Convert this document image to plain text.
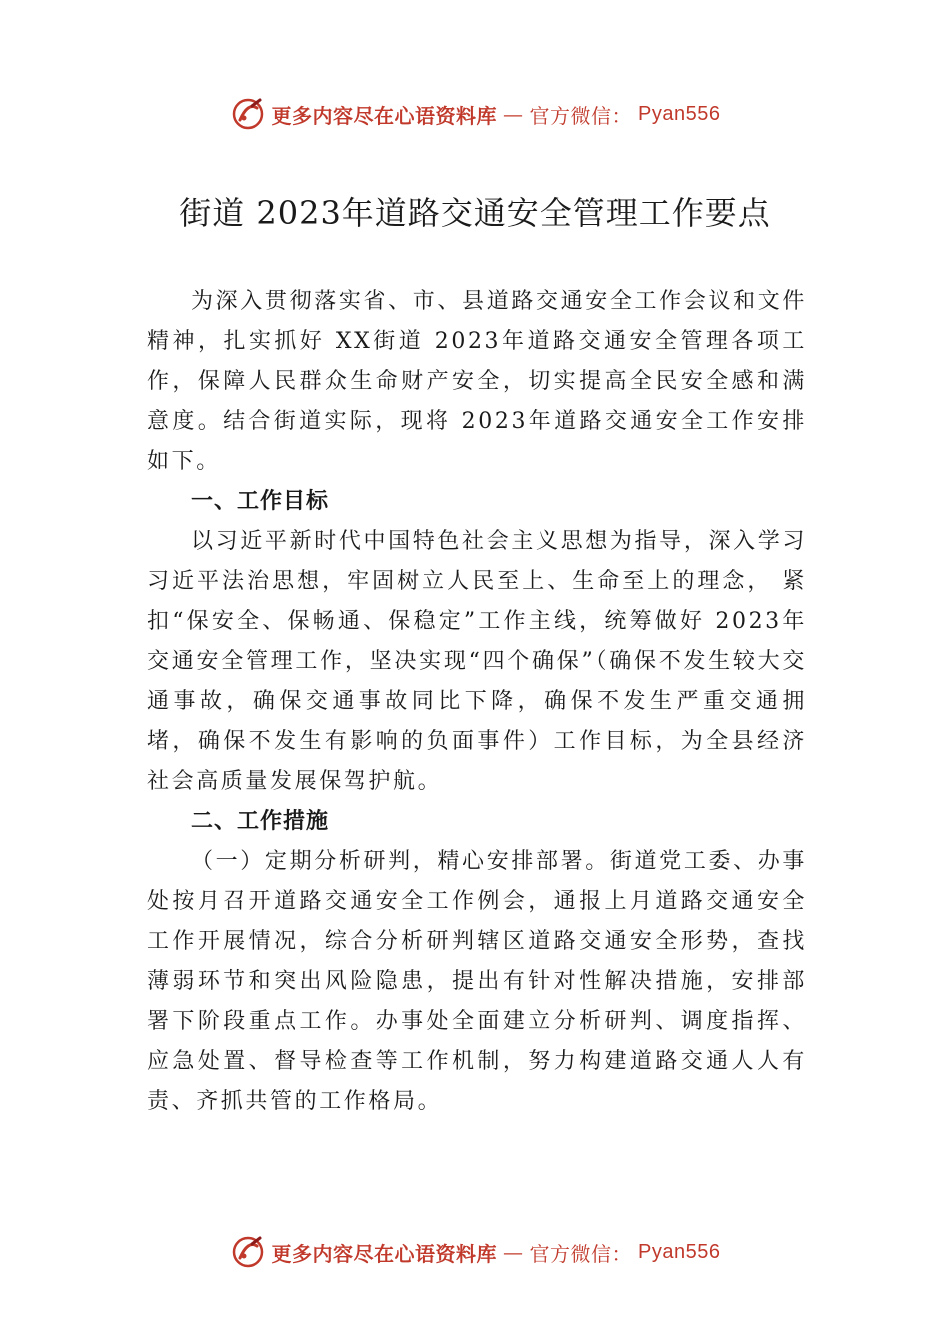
更多内容尽在心语资料库 — 官方微信： Pyan556
街道 2023年道路交通安全管理工作要点

为深入贯彻落实省、市、县道路交通安全工作会议和文件精神，扎实抓好 XX街道 2023年道路交通安全管理各项工作，保障人民群众生命财产安全，切实提高全民安全感和满意度。结合街道实际，现将 2023年道路交通安全工作安排如下。

一、工作目标

以习近平新时代中国特色社会主义思想为指导，深入学习习近平法治思想，牢固树立人民至上、生命至上的理念， 紧扣“保安全、保畅通、保稳定”工作主线，统筹做好 2023年交通安全管理工作，坚决实现“四个确保”（确保不发生较大交通事故，确保交通事故同比下降，确保不发生严重交通拥堵，确保不发生有影响的负面事件）工作目标，为全县经济社会高质量发展保驾护航。

二、工作措施

（一）定期分析研判，精心安排部署。街道党工委、办事处按月召开道路交通安全工作例会，通报上月道路交通安全工作开展情况，综合分析研判辖区道路交通安全形势，查找薄弱环节和突出风险隐患，提出有针对性解决措施，安排部署下阶段重点工作。办事处全面建立分析研判、调度指挥、应急处置、督导检查等工作机制，努力构建道路交通人人有责、齐抓共管的工作格局。

更多内容尽在心语资料库 — 官方微信： Pyan556
